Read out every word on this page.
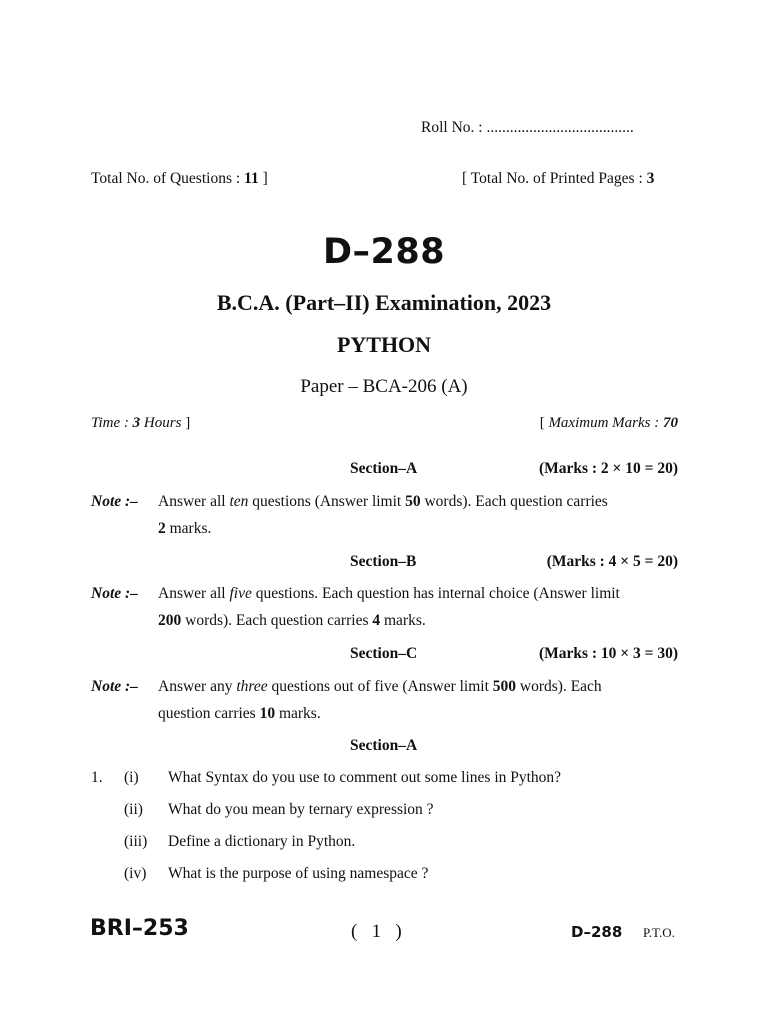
Roll No. : ......................................
Total No. of Questions : 11 ]	[ Total No. of Printed Pages : 3
D–288
B.C.A. (Part–II) Examination, 2023
PYTHON
Paper – BCA-206 (A)
Time : 3 Hours ]	[ Maximum Marks : 70
Section–A	(Marks : 2 × 10 = 20)
Note :– Answer all ten questions (Answer limit 50 words). Each question carries
2 marks.
Section–B	(Marks : 4 × 5 = 20)
Note :– Answer all five questions. Each question has internal choice (Answer limit
200 words). Each question carries 4 marks.
Section–C	(Marks : 10 × 3 = 30)
Note :– Answer any three questions out of five (Answer limit 500 words). Each
question carries 10 marks.
Section–A
1. (i) What Syntax do you use to comment out some lines in Python?
(ii) What do you mean by ternary expression ?
(iii) Define a dictionary in Python.
(iv) What is the purpose of using namespace ?
BRI–253	(   1   )	D–288 P.T.O.
